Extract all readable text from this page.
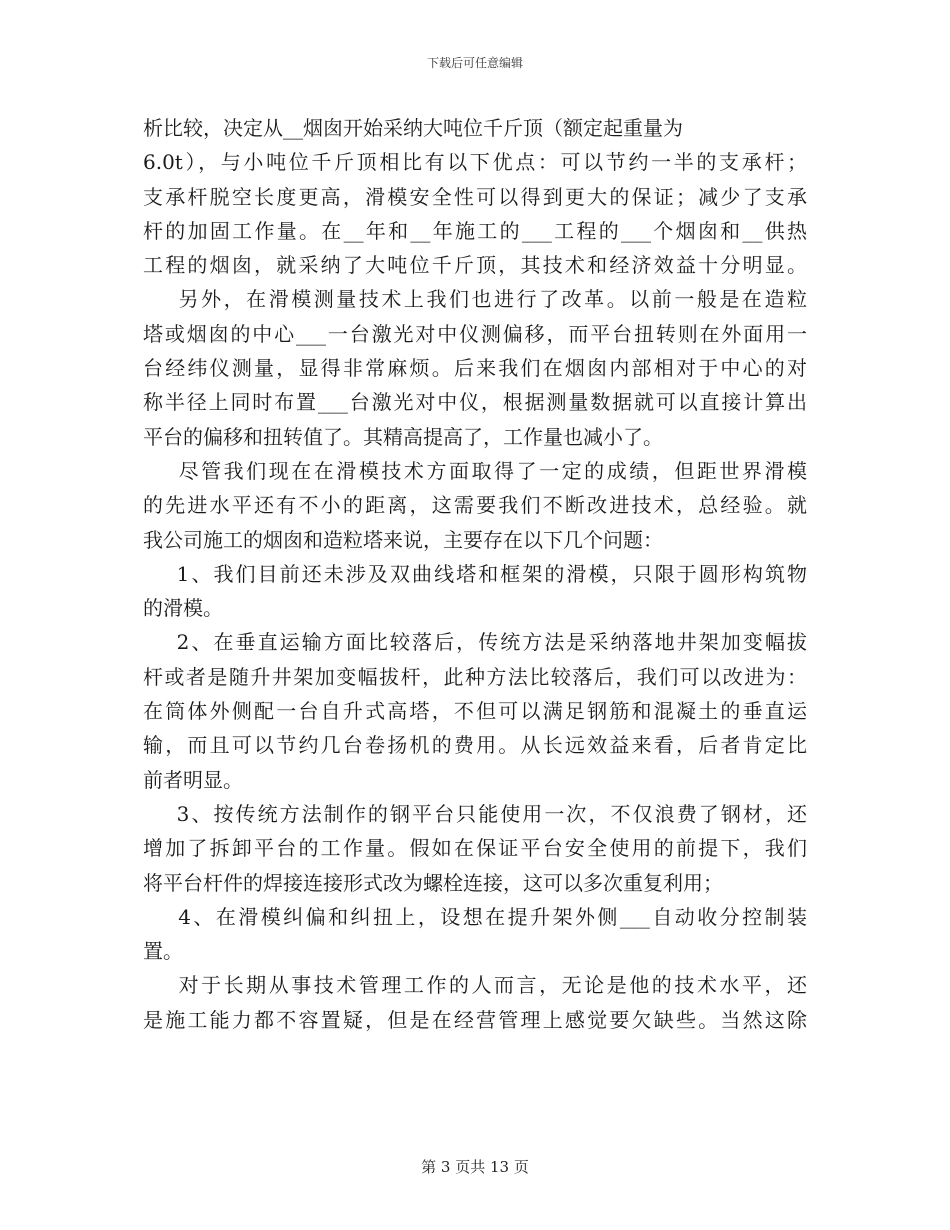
下载后可任意编辑
析比较，决定从__烟囱开始采纳大吨位千斤顶（额定起重量为
6.0t），与小吨位千斤顶相比有以下优点：可以节约一半的支承杆；
支承杆脱空长度更高，滑模安全性可以得到更大的保证；减少了支承
杆的加固工作量。在__年和__年施工的___工程的___个烟囱和__供热
工程的烟囱，就采纳了大吨位千斤顶，其技术和经济效益十分明显。
另外，在滑模测量技术上我们也进行了改革。以前一般是在造粒
塔或烟囱的中心___一台激光对中仪测偏移，而平台扭转则在外面用一
台经纬仪测量，显得非常麻烦。后来我们在烟囱内部相对于中心的对
称半径上同时布置___台激光对中仪，根据测量数据就可以直接计算出
平台的偏移和扭转值了。其精高提高了，工作量也减小了。
尽管我们现在在滑模技术方面取得了一定的成绩，但距世界滑模
的先进水平还有不小的距离，这需要我们不断改进技术，总经验。就
我公司施工的烟囱和造粒塔来说，主要存在以下几个问题：
1、我们目前还未涉及双曲线塔和框架的滑模，只限于圆形构筑物
的滑模。
2、在垂直运输方面比较落后，传统方法是采纳落地井架加变幅拔
杆或者是随升井架加变幅拔杆，此种方法比较落后，我们可以改进为：
在筒体外侧配一台自升式高塔，不但可以满足钢筋和混凝土的垂直运
输，而且可以节约几台卷扬机的费用。从长远效益来看，后者肯定比
前者明显。
3、按传统方法制作的钢平台只能使用一次，不仅浪费了钢材，还
增加了拆卸平台的工作量。假如在保证平台安全使用的前提下，我们
将平台杆件的焊接连接形式改为螺栓连接，这可以多次重复利用；
4、在滑模纠偏和纠扭上，设想在提升架外侧___自动收分控制装
置。
对于长期从事技术管理工作的人而言，无论是他的技术水平，还
是施工能力都不容置疑，但是在经营管理上感觉要欠缺些。当然这除
第 3 页共 13 页
